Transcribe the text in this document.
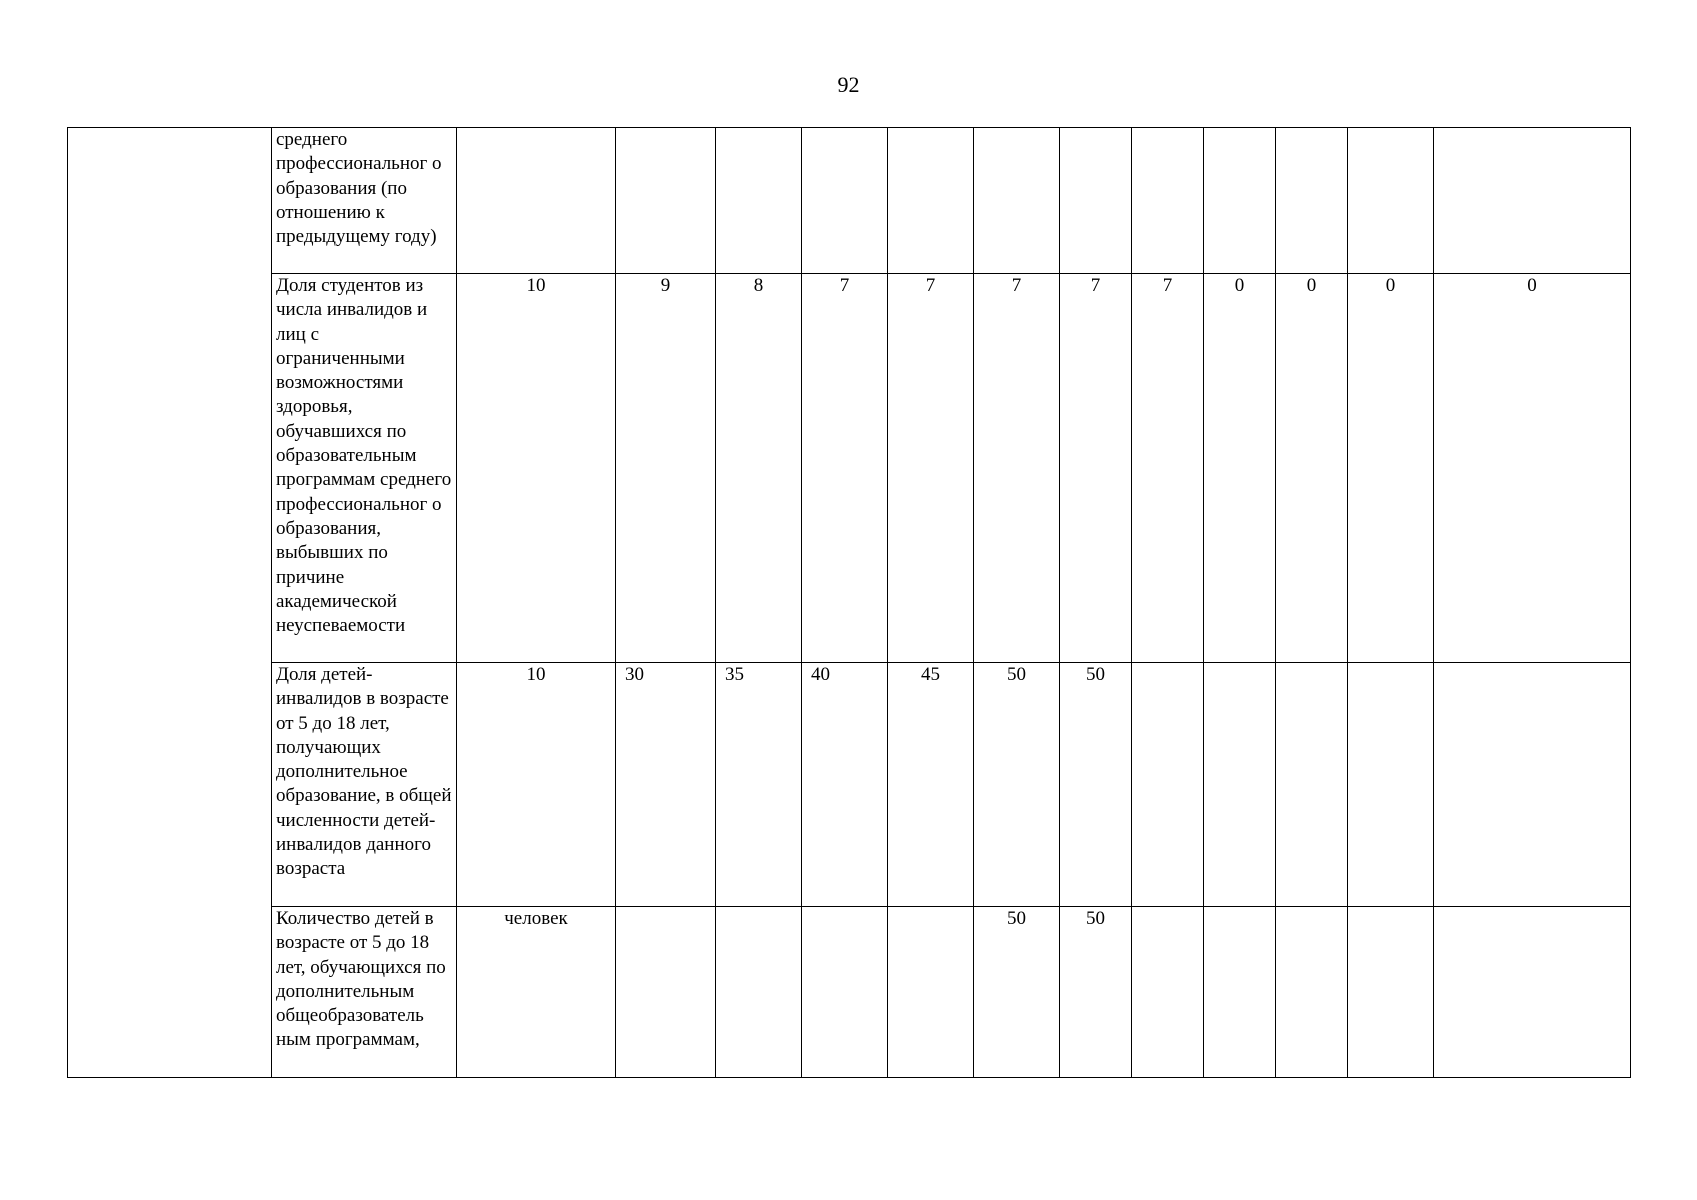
92
	среднего профессиональног о образования (по отношению к предыдущему году)												
	Доля студентов из числа инвалидов и лиц с ограниченными возможностями здоровья, обучавшихся по образовательным программам среднего профессиональног о образования, выбывших по причине академической неуспеваемости	10	9	8	7	7	7	7	7	0	0	0	0
	Доля детей-инвалидов в возрасте от 5 до 18 лет, получающих дополнительное образование, в общей численности детей-инвалидов данного возраста	10	30	35	40	45	50	50					
	Количество детей в возрасте от 5 до 18 лет, обучающихся по дополнительным общеобразователь ным программам,	человек					50	50					
